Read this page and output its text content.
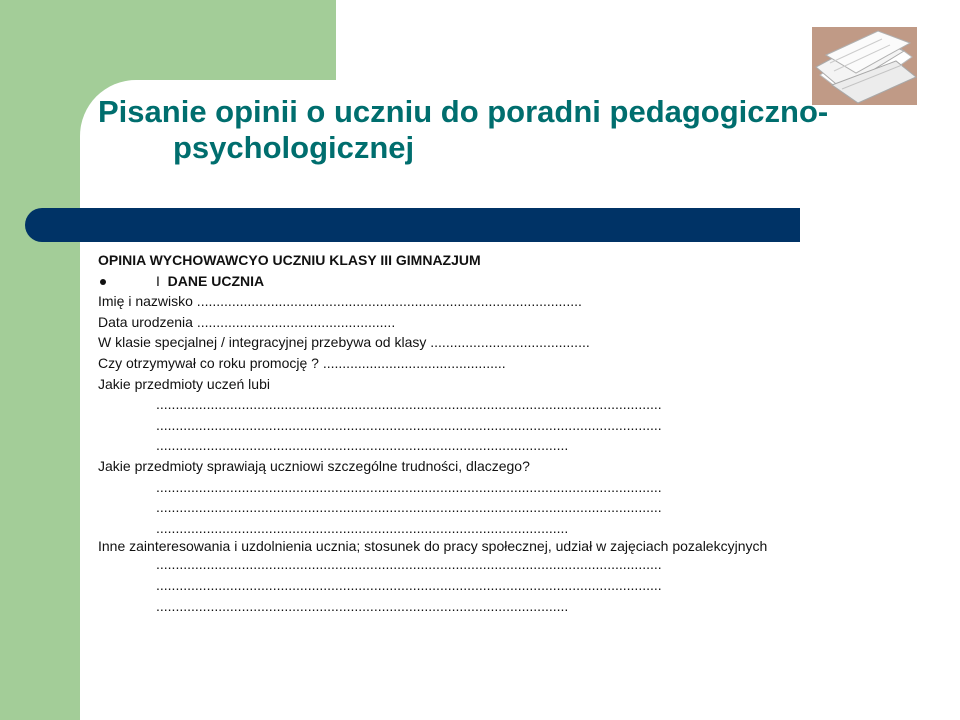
Pisanie opinii o uczniu do poradni pedagogiczno-psychologicznej

OPINIA WYCHOWAWCYO UCZNIU KLASY III GIMNAZJUM

I DANE UCZNIA

Imię i nazwisko ...................................................................................................

Data urodzenia ...................................................

W klasie specjalnej / integracyjnej przebywa od klasy .........................................

Czy otrzymywał co roku promocję ? ...............................................

Jakie przedmioty uczeń lubi

..................................................................................................................................

..................................................................................................................................

..........................................................................................................

Jakie przedmioty sprawiają uczniowi szczególne trudności, dlaczego?

..................................................................................................................................

..................................................................................................................................

..........................................................................................................

Inne zainteresowania i uzdolnienia ucznia; stosunek do pracy społecznej, udział w zajęciach pozalekcyjnych

..................................................................................................................................

..................................................................................................................................

..........................................................................................................
